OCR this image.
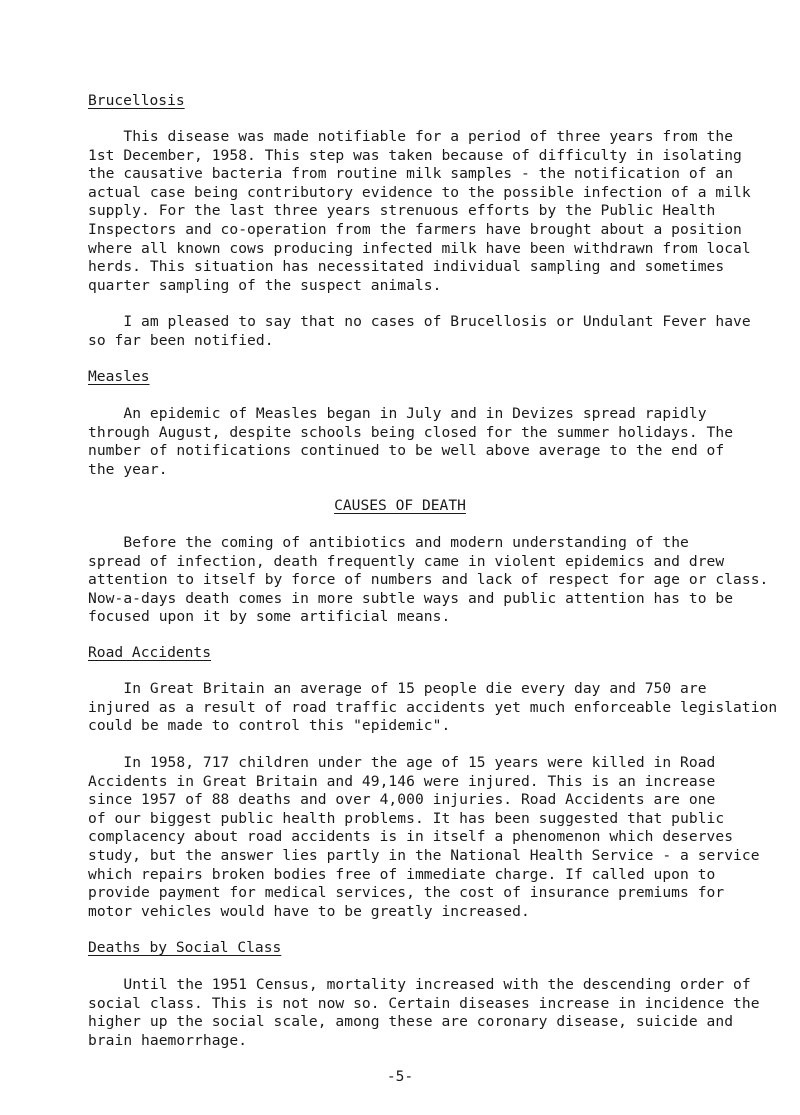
Brucellosis
This disease was made notifiable for a period of three years from the
1st December, 1958. This step was taken because of difficulty in isolating
the causative bacteria from routine milk samples - the notification of an
actual case being contributory evidence to the possible infection of a milk
supply. For the last three years strenuous efforts by the Public Health
Inspectors and co-operation from the farmers have brought about a position
where all known cows producing infected milk have been withdrawn from local
herds. This situation has necessitated individual sampling and sometimes
quarter sampling of the suspect animals.
I am pleased to say that no cases of Brucellosis or Undulant Fever have
so far been notified.
Measles
An epidemic of Measles began in July and in Devizes spread rapidly
through August, despite schools being closed for the summer holidays. The
number of notifications continued to be well above average to the end of
the year.
CAUSES OF DEATH
Before the coming of antibiotics and modern understanding of the
spread of infection, death frequently came in violent epidemics and drew
attention to itself by force of numbers and lack of respect for age or class.
Now-a-days death comes in more subtle ways and public attention has to be
focused upon it by some artificial means.
Road Accidents
In Great Britain an average of 15 people die every day and 750 are
injured as a result of road traffic accidents yet much enforceable legislation
could be made to control this "epidemic".
In 1958, 717 children under the age of 15 years were killed in Road
Accidents in Great Britain and 49,146 were injured. This is an increase
since 1957 of 88 deaths and over 4,000 injuries. Road Accidents are one
of our biggest public health problems. It has been suggested that public
complacency about road accidents is in itself a phenomenon which deserves
study, but the answer lies partly in the National Health Service - a service
which repairs broken bodies free of immediate charge. If called upon to
provide payment for medical services, the cost of insurance premiums for
motor vehicles would have to be greatly increased.
Deaths by Social Class
Until the 1951 Census, mortality increased with the descending order of
social class. This is not now so. Certain diseases increase in incidence the
higher up the social scale, among these are coronary disease, suicide and
brain haemorrhage.
-5-
